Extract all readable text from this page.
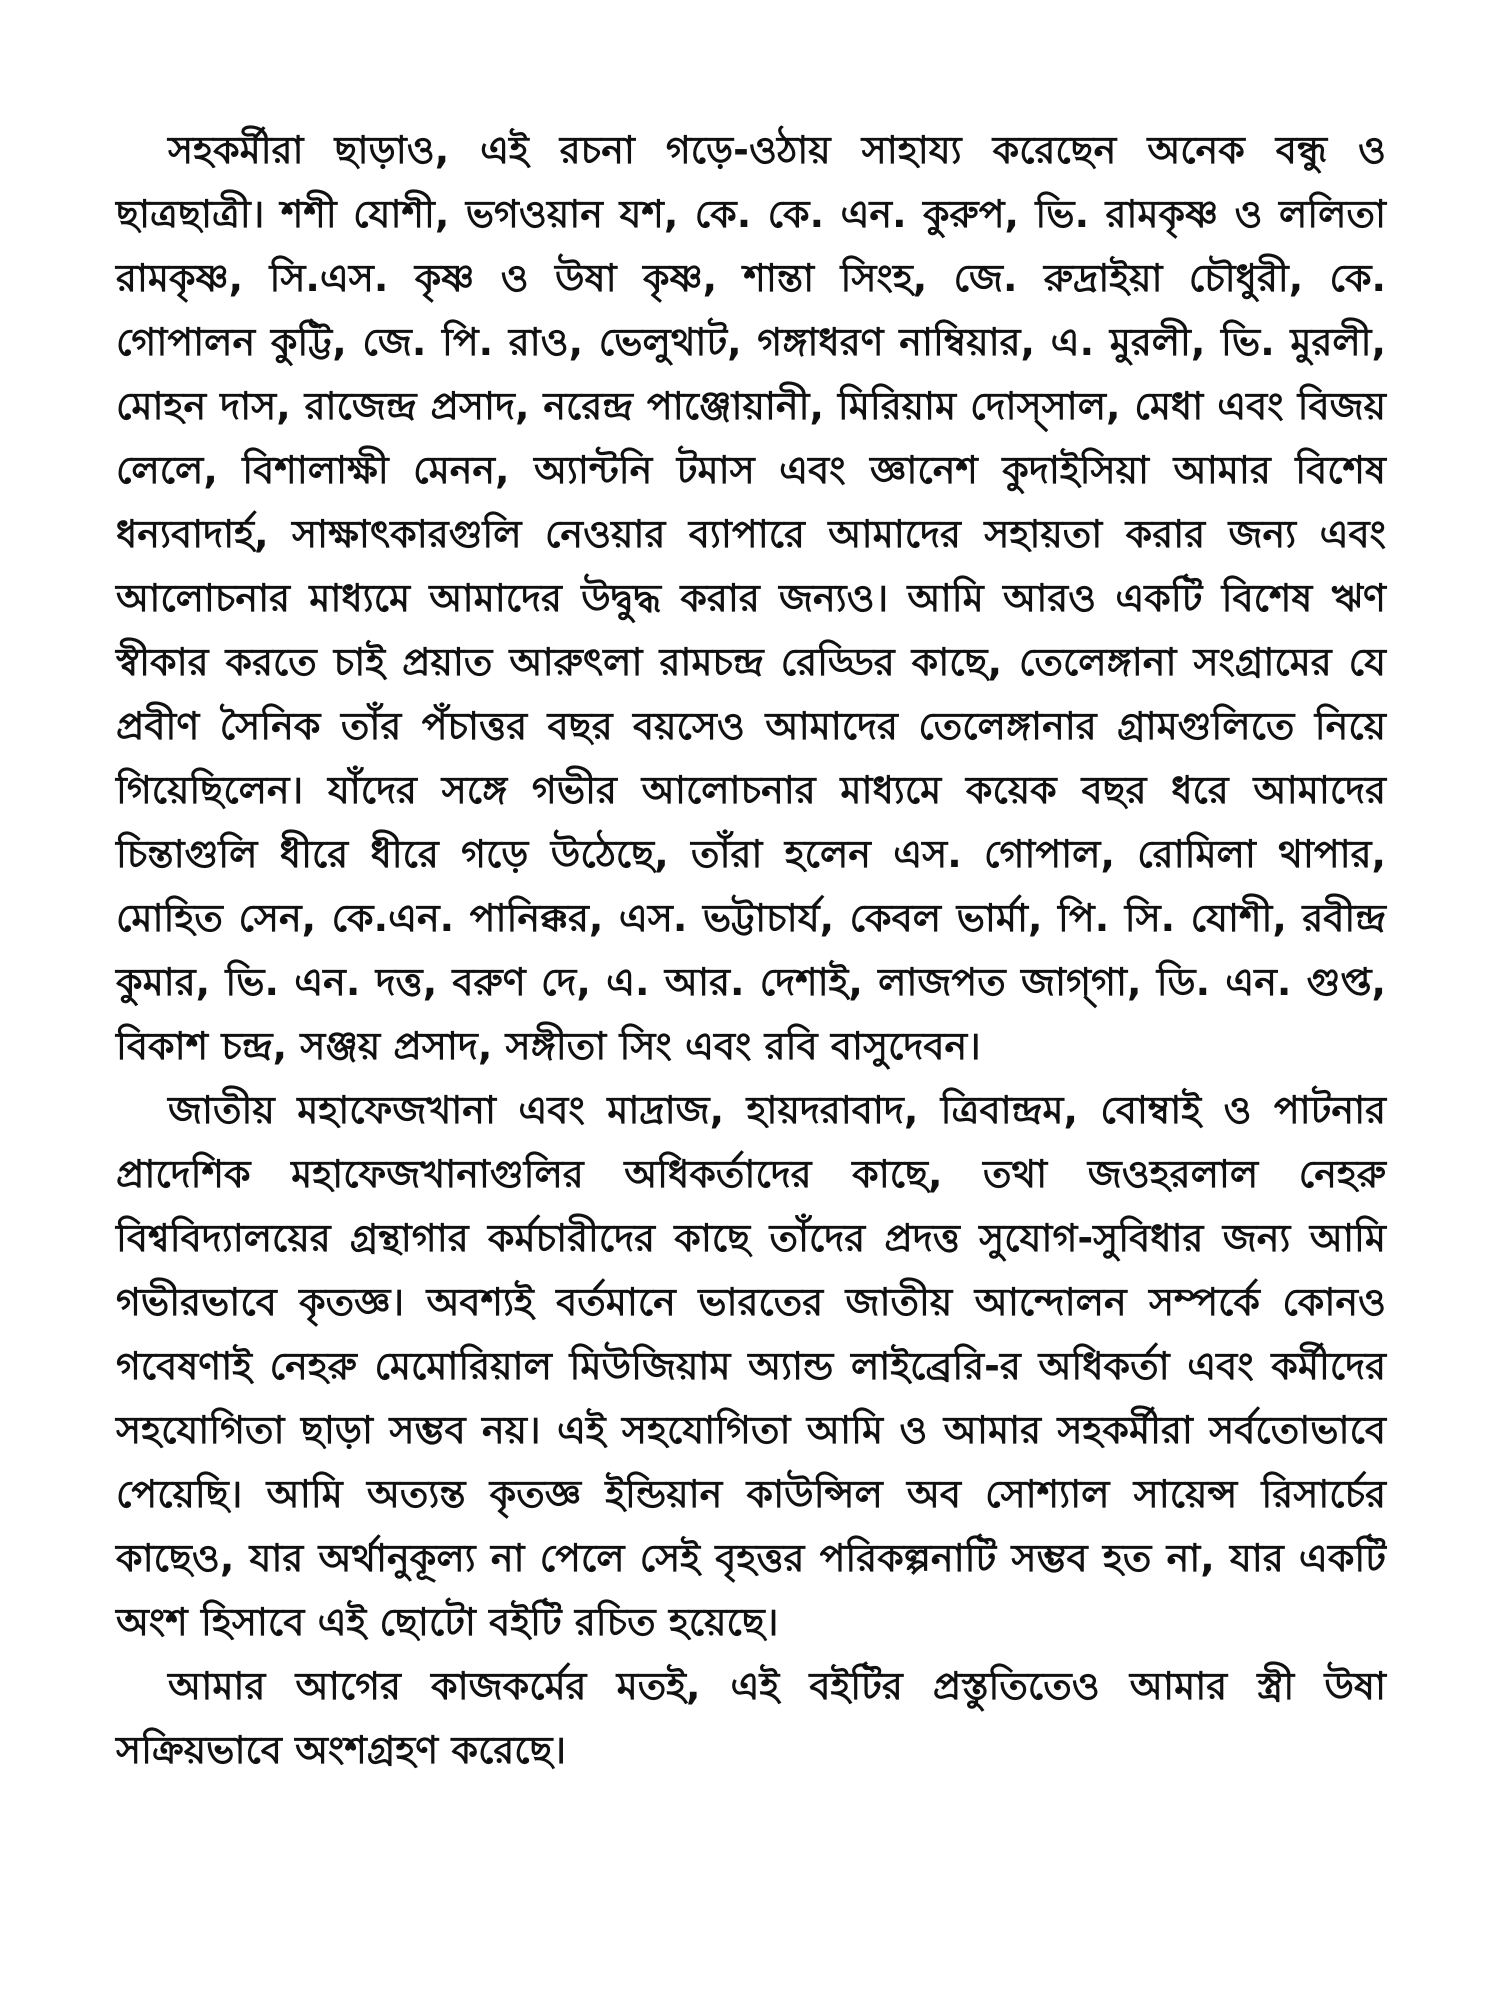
সহকর্মীরা ছাড়াও, এই রচনা গড়ে-ওঠায় সাহায্য করেছেন অনেক বন্ধু ও ছাত্রছাত্রী। শশী যোশী, ভগওয়ান যশ, কে. কে. এন. কুরুপ, ভি. রামকৃষ্ণ ও ললিতা রামকৃষ্ণ, সি.এস. কৃষ্ণ ও উষা কৃষ্ণ, শান্তা সিংহ, জে. রুদ্রাইয়া চৌধুরী, কে. গোপালন কুট্টি, জে. পি. রাও, ভেলুথাট, গঙ্গাধরণ নাম্বিয়ার, এ. মুরলী, ভি. মুরলী, মোহন দাস, রাজেন্দ্র প্রসাদ, নরেন্দ্র পাঞ্জোয়ানী, মিরিয়াম দোস্‌সাল, মেধা এবং বিজয় লেলে, বিশালাক্ষী মেনন, অ্যান্টনি টমাস এবং জ্ঞানেশ কুদাইসিয়া আমার বিশেষ ধন্যবাদার্হ, সাক্ষাৎকারগুলি নেওয়ার ব্যাপারে আমাদের সহায়তা করার জন্য এবং আলোচনার মাধ্যমে আমাদের উদ্বুদ্ধ করার জন্যও। আমি আরও একটি বিশেষ ঋণ স্বীকার করতে চাই প্রয়াত আরুৎলা রামচন্দ্র রেড্ডির কাছে, তেলেঙ্গানা সংগ্রামের যে প্রবীণ সৈনিক তাঁর পঁচাত্তর বছর বয়সেও আমাদের তেলেঙ্গানার গ্রামগুলিতে নিয়ে গিয়েছিলেন। যাঁদের সঙ্গে গভীর আলোচনার মাধ্যমে কয়েক বছর ধরে আমাদের চিন্তাগুলি ধীরে ধীরে গড়ে উঠেছে, তাঁরা হলেন এস. গোপাল, রোমিলা থাপার, মোহিত সেন, কে.এন. পানিক্কর, এস. ভট্টাচার্য, কেবল ভার্মা, পি. সি. যোশী, রবীন্দ্র কুমার, ভি. এন. দত্ত, বরুণ দে, এ. আর. দেশাই, লাজপত জাগ্‌গা, ডি. এন. গুপ্ত, বিকাশ চন্দ্র, সঞ্জয় প্রসাদ, সঙ্গীতা সিং এবং রবি বাসুদেবন।

জাতীয় মহাফেজখানা এবং মাদ্রাজ, হায়দরাবাদ, ত্রিবান্দ্রম, বোম্বাই ও পাটনার প্রাদেশিক মহাফেজখানাগুলির অধিকর্তাদের কাছে, তথা জওহরলাল নেহরু বিশ্ববিদ্যালয়ের গ্রন্থাগার কর্মচারীদের কাছে তাঁদের প্রদত্ত সুযোগ-সুবিধার জন্য আমি গভীরভাবে কৃতজ্ঞ। অবশ্যই বর্তমানে ভারতের জাতীয় আন্দোলন সম্পর্কে কোনও গবেষণাই নেহরু মেমোরিয়াল মিউজিয়াম অ্যান্ড লাইব্রেরি-র অধিকর্তা এবং কর্মীদের সহযোগিতা ছাড়া সম্ভব নয়। এই সহযোগিতা আমি ও আমার সহকর্মীরা সর্বতোভাবে পেয়েছি। আমি অত্যন্ত কৃতজ্ঞ ইন্ডিয়ান কাউন্সিল অব সোশ্যাল সায়েন্স রিসার্চের কাছেও, যার অর্থানুকূল্য না পেলে সেই বৃহত্তর পরিকল্পনাটি সম্ভব হত না, যার একটি অংশ হিসাবে এই ছোটো বইটি রচিত হয়েছে।

আমার আগের কাজকর্মের মতই, এই বইটির প্রস্তুতিতেও আমার স্ত্রী উষা সক্রিয়ভাবে অংশগ্রহণ করেছে।
